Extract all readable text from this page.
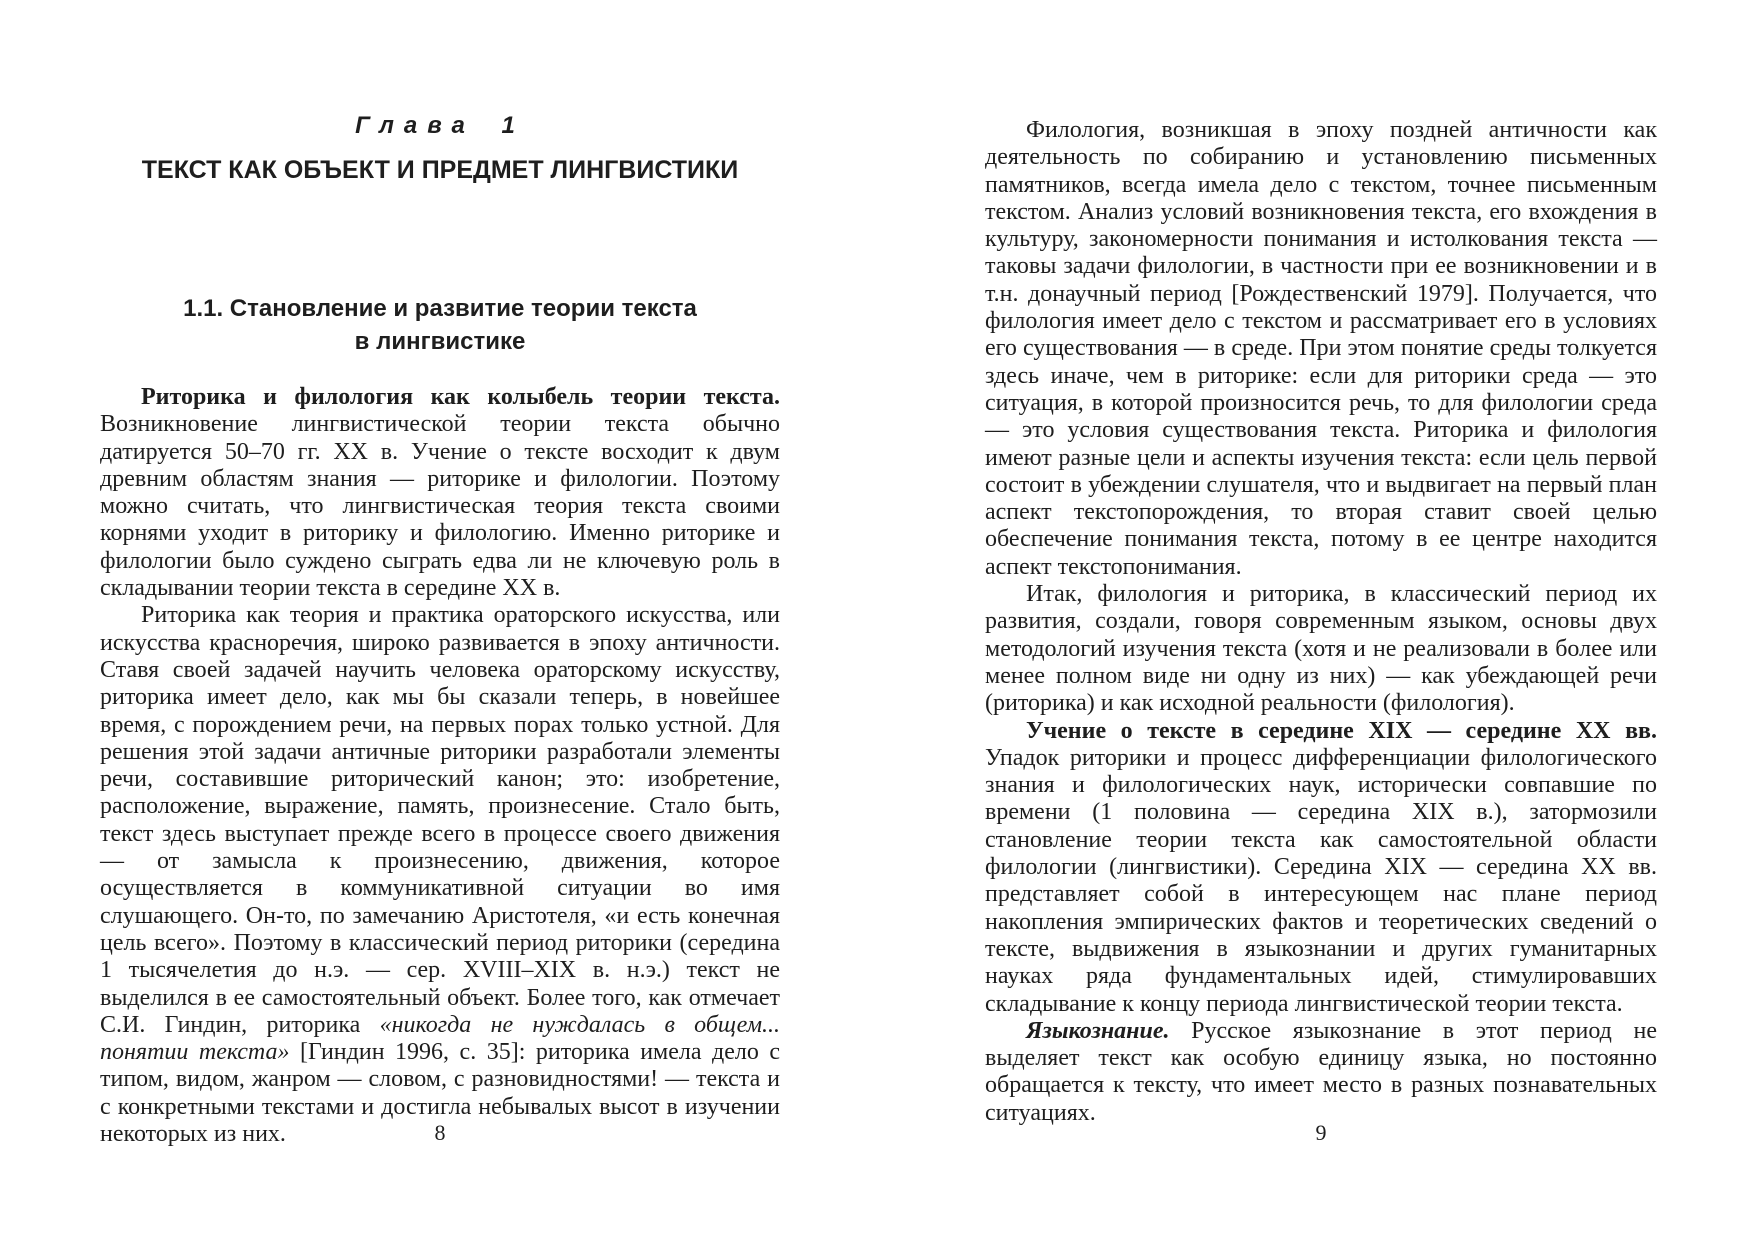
Глава 1
ТЕКСТ КАК ОБЪЕКТ И ПРЕДМЕТ ЛИНГВИСТИКИ
1.1. Становление и развитие теории текста
в лингвистике

Риторика и филология как колыбель теории текста. Возникновение лингвистической теории текста обычно датируется 50–70 гг. XX в. Учение о тексте восходит к двум древним областям знания — риторике и филологии. Поэтому можно считать, что лингвистическая теория текста своими корнями уходит в риторику и филологию. Именно риторике и филологии было суждено сыграть едва ли не ключевую роль в складывании теории текста в середине XX в.

Риторика как теория и практика ораторского искусства, или искусства красноречия, широко развивается в эпоху античности. Ставя своей задачей научить человека ораторскому искусству, риторика имеет дело, как мы бы сказали теперь, в новейшее время, с порождением речи, на первых порах только устной. Для решения этой задачи античные риторики разработали элементы речи, составившие риторический канон; это: изобретение, расположение, выражение, память, произнесение. Стало быть, текст здесь выступает прежде всего в процессе своего движения — от замысла к произнесению, движения, которое осуществляется в коммуникативной ситуации во имя слушающего. Он-то, по замечанию Аристотеля, «и есть конечная цель всего». Поэтому в классический период риторики (середина 1 тысячелетия до н.э. — сер. XVIII–XIX в. н.э.) текст не выделился в ее самостоятельный объект. Более того, как отмечает С.И. Гиндин, риторика «никогда не нуждалась в общем... понятии текста» [Гиндин 1996, с. 35]: риторика имела дело с типом, видом, жанром — словом, с разновидностями! — текста и с конкретными текстами и достигла небывалых высот в изучении некоторых из них.	8

Филология, возникшая в эпоху поздней античности как деятельность по собиранию и установлению письменных памятников, всегда имела дело с текстом, точнее письменным текстом. Анализ условий возникновения текста, его вхождения в культуру, закономерности понимания и истолкования текста — таковы задачи филологии, в частности при ее возникновении и в т.н. донаучный период [Рождественский 1979]. Получается, что филология имеет дело с текстом и рассматривает его в условиях его существования — в среде. При этом понятие среды толкуется здесь иначе, чем в риторике: если для риторики среда — это ситуация, в которой произносится речь, то для филологии среда — это условия существования текста. Риторика и филология имеют разные цели и аспекты изучения текста: если цель первой состоит в убеждении слушателя, что и выдвигает на первый план аспект текстопорождения, то вторая ставит своей целью обеспечение понимания текста, потому в ее центре находится аспект текстопонимания.

Итак, филология и риторика, в классический период их развития, создали, говоря современным языком, основы двух методологий изучения текста (хотя и не реализовали в более или менее полном виде ни одну из них) — как убеждающей речи (риторика) и как исходной реальности (филология).

Учение о тексте в середине XIX — середине XX вв. Упадок риторики и процесс дифференциации филологического знания и филологических наук, исторически совпавшие по времени (1 половина — середина XIX в.), затормозили становление теории текста как самостоятельной области филологии (лингвистики). Середина XIX — середина XX вв. представляет собой в интересующем нас плане период накопления эмпирических фактов и теоретических сведений о тексте, выдвижения в языкознании и других гуманитарных науках ряда фундаментальных идей, стимулировавших складывание к концу периода лингвистической теории текста.

Языкознание. Русское языкознание в этот период не выделяет текст как особую единицу языка, но постоянно обращается к тексту, что имеет место в разных познавательных ситуациях.

9
